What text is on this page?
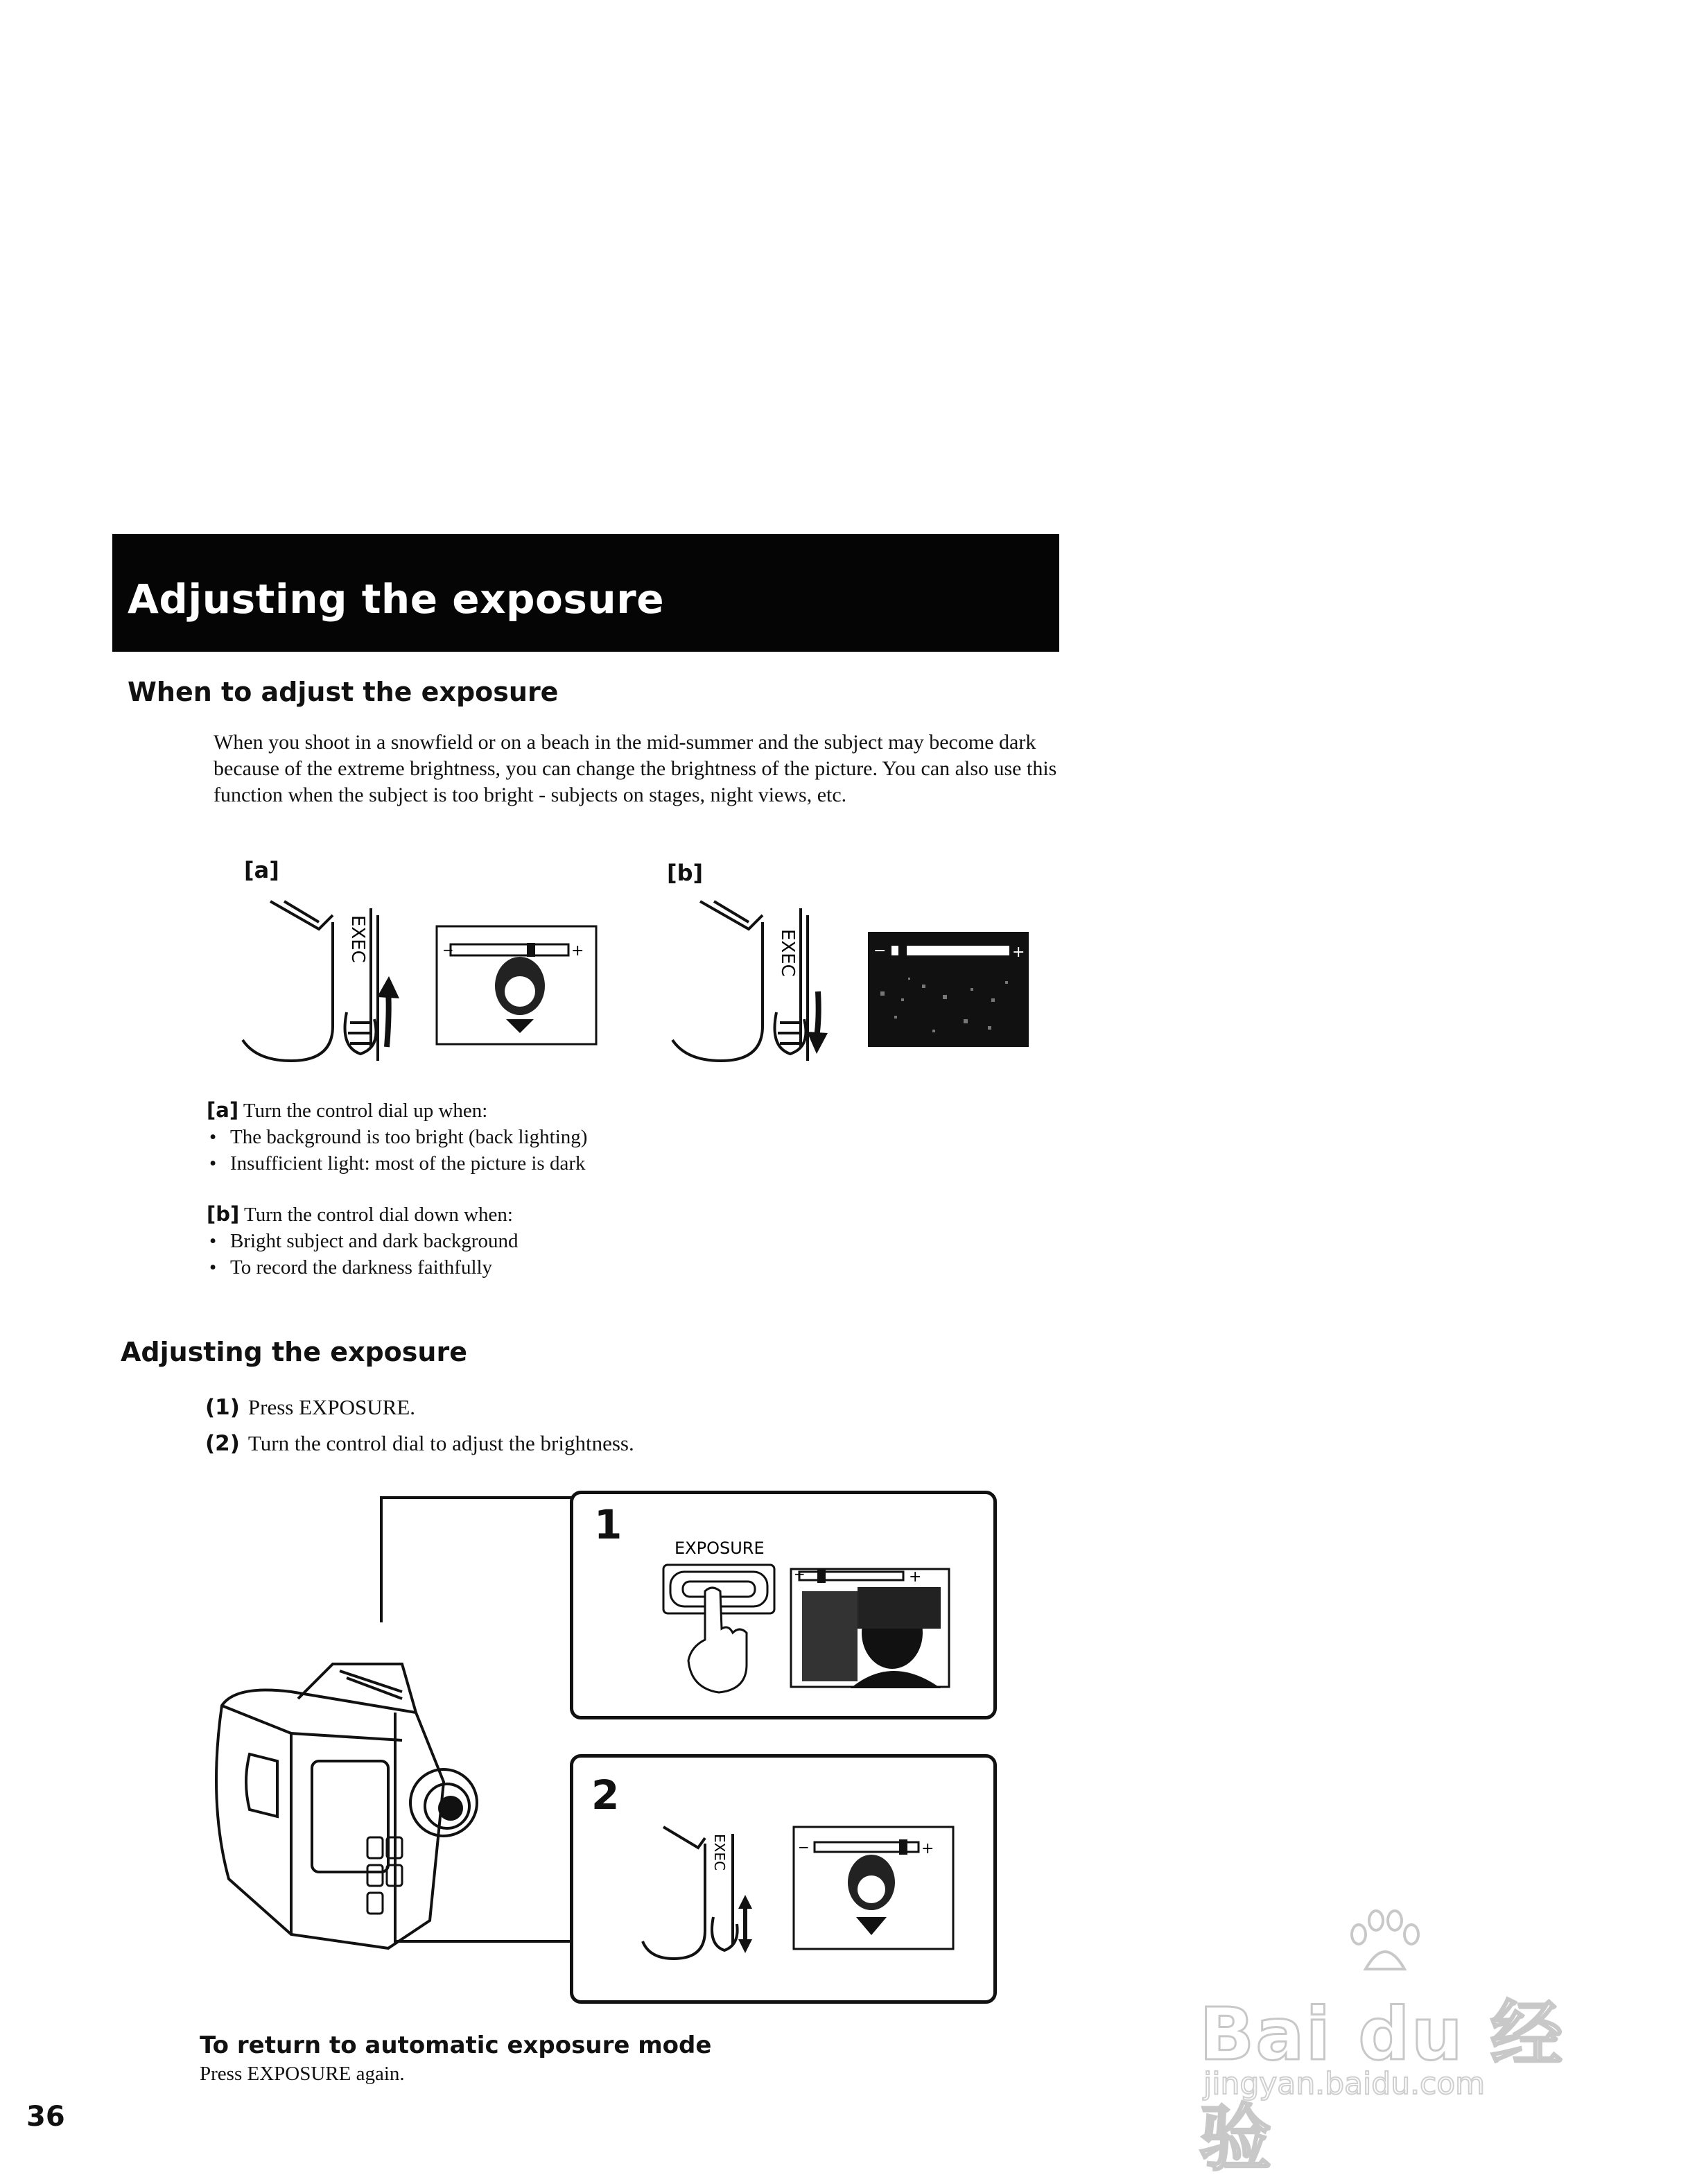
Adjusting the exposure
When to adjust the exposure

When you shoot in a snowfield or on a beach in the mid-summer and the subject may become dark because of the extreme brightness, you can change the brightness of the picture. You can also use this function when the subject is too bright - subjects on stages, night views, etc.

[a]	[b]
EXEC	−	+	EXEC	−	+
[a] Turn the control dial up when:
• The background is too bright (back lighting)
• Insufficient light: most of the picture is dark
[b] Turn the control dial down when:
• Bright subject and dark background
• To record the darkness faithfully
Adjusting the exposure
(1) Press EXPOSURE.
(2) Turn the control dial to adjust the brightness.
1	EXPOSURE
−	+
2
EXEC	−	+
To return to automatic exposure mode
Press EXPOSURE again.
36
Bai du 经验
jingyan.baidu.com
